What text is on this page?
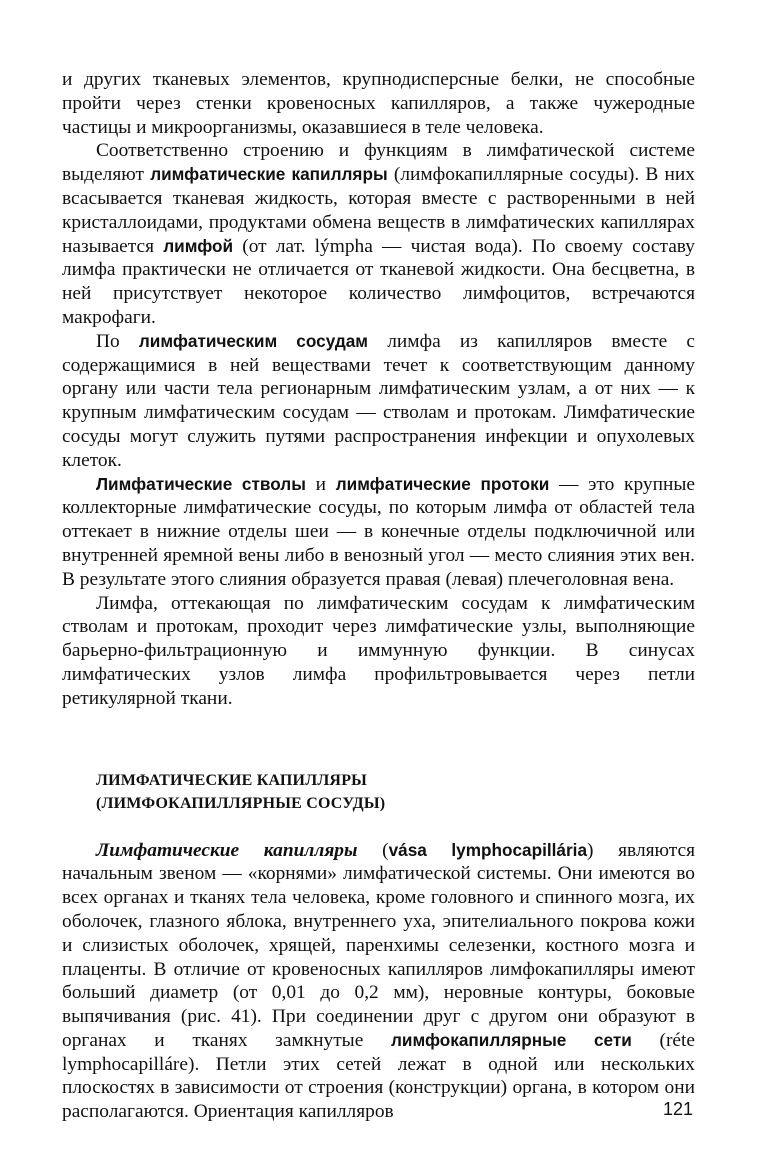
и других тканевых элементов, крупнодисперсные белки, не способные пройти через стенки кровеносных капилляров, а также чужеродные частицы и микроорганизмы, оказавшиеся в теле человека.

Соответственно строению и функциям в лимфатической системе выделяют лимфатические капилляры (лимфокапиллярные сосуды). В них всасывается тканевая жидкость, которая вместе с растворенными в ней кристаллоидами, продуктами обмена веществ в лимфатических капиллярах называется лимфой (от лат. lýmpha — чистая вода). По своему составу лимфа практически не отличается от тканевой жидкости. Она бесцветна, в ней присутствует некоторое количество лимфоцитов, встречаются макрофаги.

По лимфатическим сосудам лимфа из капилляров вместе с содержащимися в ней веществами течет к соответствующим данному органу или части тела регионарным лимфатическим узлам, а от них — к крупным лимфатическим сосудам — стволам и протокам. Лимфатические сосуды могут служить путями распространения инфекции и опухолевых клеток.

Лимфатические стволы и лимфатические протоки — это крупные коллекторные лимфатические сосуды, по которым лимфа от областей тела оттекает в нижние отделы шеи — в конечные отделы подключичной или внутренней яремной вены либо в венозный угол — место слияния этих вен. В результате этого слияния образуется правая (левая) плечеголовная вена.

Лимфа, оттекающая по лимфатическим сосудам к лимфатическим стволам и протокам, проходит через лимфатические узлы, выполняющие барьерно-фильтрационную и иммунную функции. В синусах лимфатических узлов лимфа профильтровывается через петли ретикулярной ткани.

ЛИМФАТИЧЕСКИЕ КАПИЛЛЯРЫ
(ЛИМФОКАПИЛЛЯРНЫЕ СОСУДЫ)

Лимфатические капилляры (vásа lymphocapillária) являются начальным звеном — «корнями» лимфатической системы. Они имеются во всех органах и тканях тела человека, кроме головного и спинного мозга, их оболочек, глазного яблока, внутреннего уха, эпителиального покрова кожи и слизистых оболочек, хрящей, паренхимы селезенки, костного мозга и плаценты. В отличие от кровеносных капилляров лимфокапилляры имеют больший диаметр (от 0,01 до 0,2 мм), неровные контуры, боковые выпячивания (рис. 41). При соединении друг с другом они образуют в органах и тканях замкнутые лимфокапиллярные сети (réte lymphocapilláre). Петли этих сетей лежат в одной или нескольких плоскостях в зависимости от строения (конструкции) органа, в котором они располагаются. Ориентация капилляров	121
